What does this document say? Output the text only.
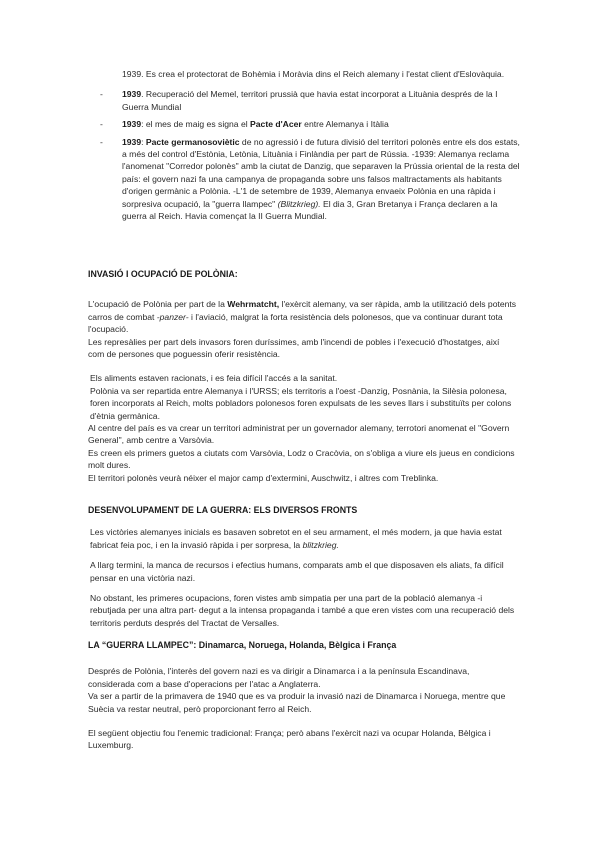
1939. Es crea el protectorat de Bohèmia i Moràvia dins el Reich alemany i l'estat client d'Eslovàquia.
-	1939. Recuperació del Memel, territori prussià que havia estat incorporat a Lituània després de la I Guerra Mundial
-	1939: el mes de maig es signa el Pacte d'Acer entre Alemanya i Itàlia
-	1939: Pacte germanosoviètic de no agressió i de futura divisió del territori polonès entre els dos estats, a més del control d'Estònia, Letònia, Lituània i Finlàndia per part de Rússia. -1939: Alemanya reclama l'anomenat "Corredor polonès" amb la ciutat de Danzig, que separaven la Prússia oriental de la resta del país: el govern nazi fa una campanya de propaganda sobre uns falsos maltractaments als habitants d'origen germànic a Polònia. -L'1 de setembre de 1939, Alemanya envaeix Polònia en una ràpida i sorpresiva ocupació, la "guerra llampec" (Blitzkrieg). El dia 3, Gran Bretanya i França declaren a la guerra al Reich. Havia començat la II Guerra Mundial.

INVASIÓ I OCUPACIÓ DE POLÒNIA:

L'ocupació de Polònia per part de la Wehrmatcht, l'exèrcit alemany, va ser ràpida, amb la utilització dels potents carros de combat -panzer- i l'aviació, malgrat la forta resistència dels polonesos, que va continuar durant tota l'ocupació.

Les represàlies per part dels invasors foren duríssimes, amb l'incendi de pobles i l'execució d'hostatges, així com de persones que poguessin oferir resistència.

Els aliments estaven racionats, i es feia difícil l'accés a la sanitat.

Polònia va ser repartida entre Alemanya i l'URSS; els territoris a l'oest -Danzig, Posnània, la Silèsia polonesa, foren incorporats al Reich, molts pobladors polonesos foren expulsats de les seves llars i substituïts per colons d'ètnia germànica.

Al centre del país es va crear un territori administrat per un governador alemany, terrotori anomenat el "Govern General", amb centre a Varsòvia.

Es creen els primers guetos a ciutats com Varsòvia, Lodz o Cracòvia, on s'obliga a viure els jueus en condicions molt dures.

El territori polonès veurà néixer el major camp d'extermini, Auschwitz, i altres com Treblinka.

DESENVOLUPAMENT DE LA GUERRA: ELS DIVERSOS FRONTS

Les victòries alemanyes inicials es basaven sobretot en el seu armament, el més modern, ja que havia estat fabricat feia poc, i en la invasió ràpida i per sorpresa, la blitzkrieg.

A llarg termini, la manca de recursos i efectius humans, comparats amb el que disposaven els aliats, fa difícil pensar en una victòria nazi.

No obstant, les primeres ocupacions, foren vistes amb simpatia per una part de la població alemanya -i rebutjada per una altra part- degut a la intensa propaganda i també a que eren vistes com una recuperació dels territoris perduts després del Tractat de Versalles.

LA “GUERRA LLAMPEC”: Dinamarca, Noruega, Holanda, Bèlgica i França

Després de Polònia, l'interès del govern nazi es va dirigir a Dinamarca i a la península Escandinava, considerada com a base d'operacions per l'atac a Anglaterra.

Va ser a partir de la primavera de 1940 que es va produir la invasió nazi de Dinamarca i Noruega, mentre que Suècia va restar neutral, però proporcionant ferro al Reich.

El següent objectiu fou l'enemic tradicional: França; però abans l'exèrcit nazi va ocupar Holanda, Bèlgica i Luxemburg.
